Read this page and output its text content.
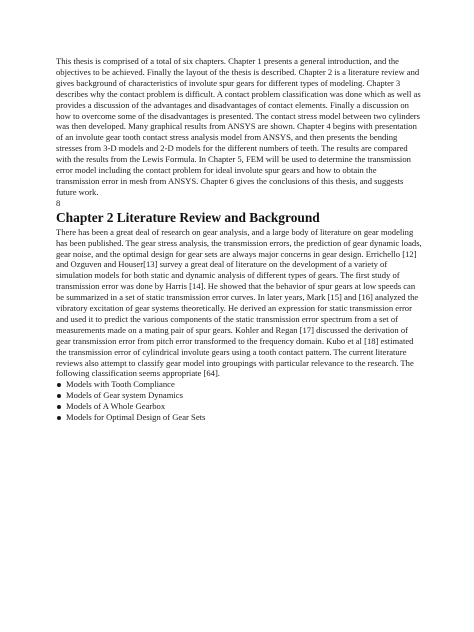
This thesis is comprised of a total of six chapters. Chapter 1 presents a general introduction, and the objectives to be achieved. Finally the layout of the thesis is described. Chapter 2 is a literature review and gives background of characteristics of involute spur gears for different types of modeling. Chapter 3 describes why the contact problem is difficult. A contact problem classification was done which as well as provides a discussion of the advantages and disadvantages of contact elements. Finally a discussion on how to overcome some of the disadvantages is presented. The contact stress model between two cylinders was then developed. Many graphical results from ANSYS are shown. Chapter 4 begins with presentation of an involute gear tooth contact stress analysis model from ANSYS, and then presents the bending stresses from 3-D models and 2-D models for the different numbers of teeth. The results are compared with the results from the Lewis Formula. In Chapter 5, FEM will be used to determine the transmission error model including the contact problem for ideal involute spur gears and how to obtain the transmission error in mesh from ANSYS. Chapter 6 gives the conclusions of this thesis, and suggests future work.

8

Chapter 2 Literature Review and Background

There has been a great deal of research on gear analysis, and a large body of literature on gear modeling has been published. The gear stress analysis, the transmission errors, the prediction of gear dynamic loads, gear noise, and the optimal design for gear sets are always major concerns in gear design. Errichello [12] and Ozguven and Houser[13] survey a great deal of literature on the development of a variety of simulation models for both static and dynamic analysis of different types of gears. The first study of transmission error was done by Harris [14]. He showed that the behavior of spur gears at low speeds can be summarized in a set of static transmission error curves. In later years, Mark [15] and [16] analyzed the vibratory excitation of gear systems theoretically. He derived an expression for static transmission error and used it to predict the various components of the static transmission error spectrum from a set of measurements made on a mating pair of spur gears. Kohler and Regan [17] discussed the derivation of gear transmission error from pitch error transformed to the frequency domain. Kubo et al [18] estimated the transmission error of cylindrical involute gears using a tooth contact pattern. The current literature reviews also attempt to classify gear model into groupings with particular relevance to the research. The following classification seems appropriate [64].

Models with Tooth Compliance
Models of Gear system Dynamics
Models of A Whole Gearbox
Models for Optimal Design of Gear Sets
